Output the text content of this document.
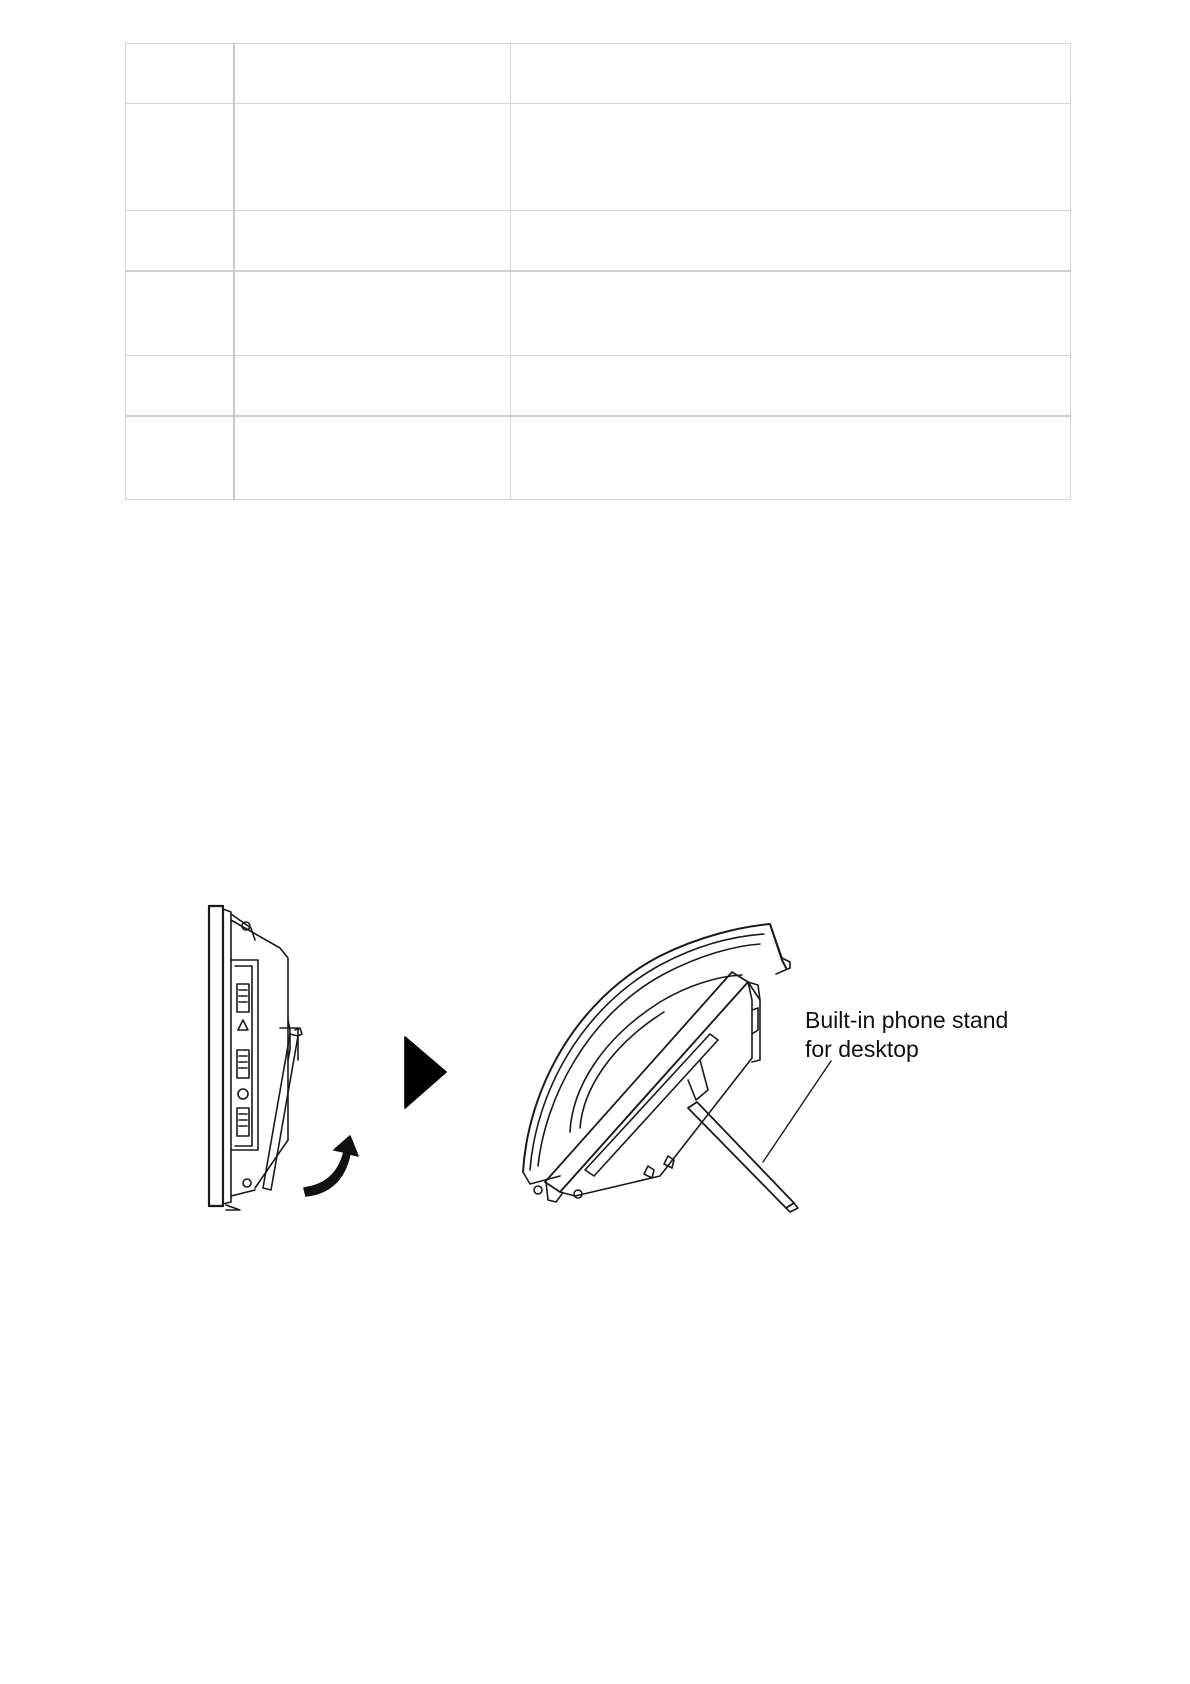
Built-in phone stand
for desktop
